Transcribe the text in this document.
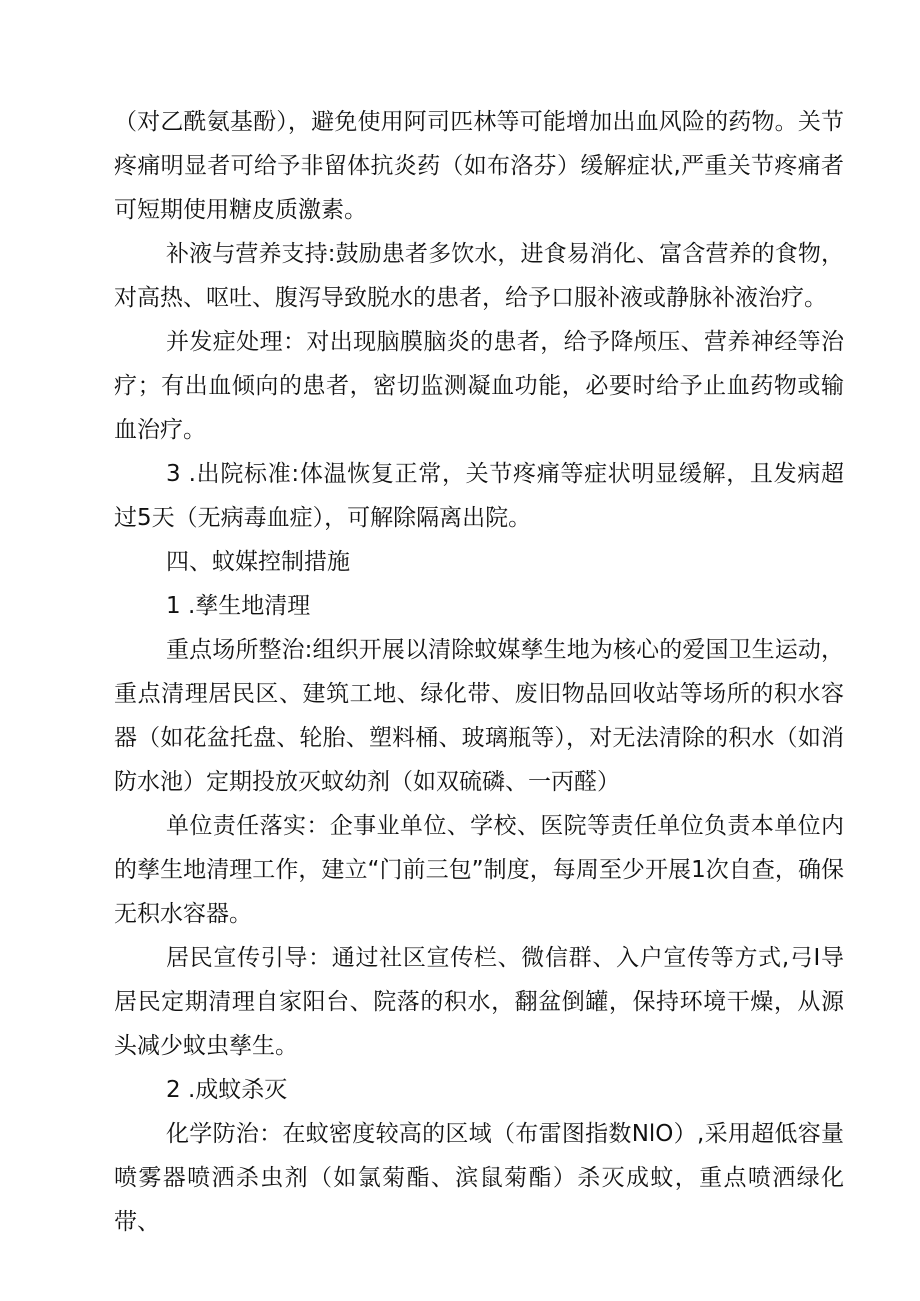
（对乙酰氨基酚），避免使用阿司匹林等可能增加出血风险的药物。关节疼痛明显者可给予非留体抗炎药（如布洛芬）缓解症状,严重关节疼痛者可短期使用糖皮质激素。

补液与营养支持:鼓励患者多饮水，进食易消化、富含营养的食物，对高热、呕吐、腹泻导致脱水的患者，给予口服补液或静脉补液治疗。

并发症处理：对出现脑膜脑炎的患者，给予降颅压、营养神经等治疗；有出血倾向的患者，密切监测凝血功能，必要时给予止血药物或输血治疗。

3 .出院标准:体温恢复正常，关节疼痛等症状明显缓解，且发病超过5天（无病毒血症），可解除隔离出院。

四、蚊媒控制措施

1 .孳生地清理

重点场所整治:组织开展以清除蚊媒孳生地为核心的爱国卫生运动，重点清理居民区、建筑工地、绿化带、废旧物品回收站等场所的积水容器（如花盆托盘、轮胎、塑料桶、玻璃瓶等），对无法清除的积水（如消防水池）定期投放灭蚊幼剂（如双硫磷、一丙醛）

单位责任落实：企事业单位、学校、医院等责任单位负责本单位内的孳生地清理工作，建立“门前三包”制度，每周至少开展1次自查，确保无积水容器。

居民宣传引导：通过社区宣传栏、微信群、入户宣传等方式,弓I导居民定期清理自家阳台、院落的积水，翻盆倒罐，保持环境干燥，从源头减少蚊虫孳生。

2 .成蚊杀灭

化学防治：在蚊密度较高的区域（布雷图指数NlO）,采用超低容量喷雾器喷洒杀虫剂（如氯菊酯、滨鼠菊酯）杀灭成蚊，重点喷洒绿化带、
